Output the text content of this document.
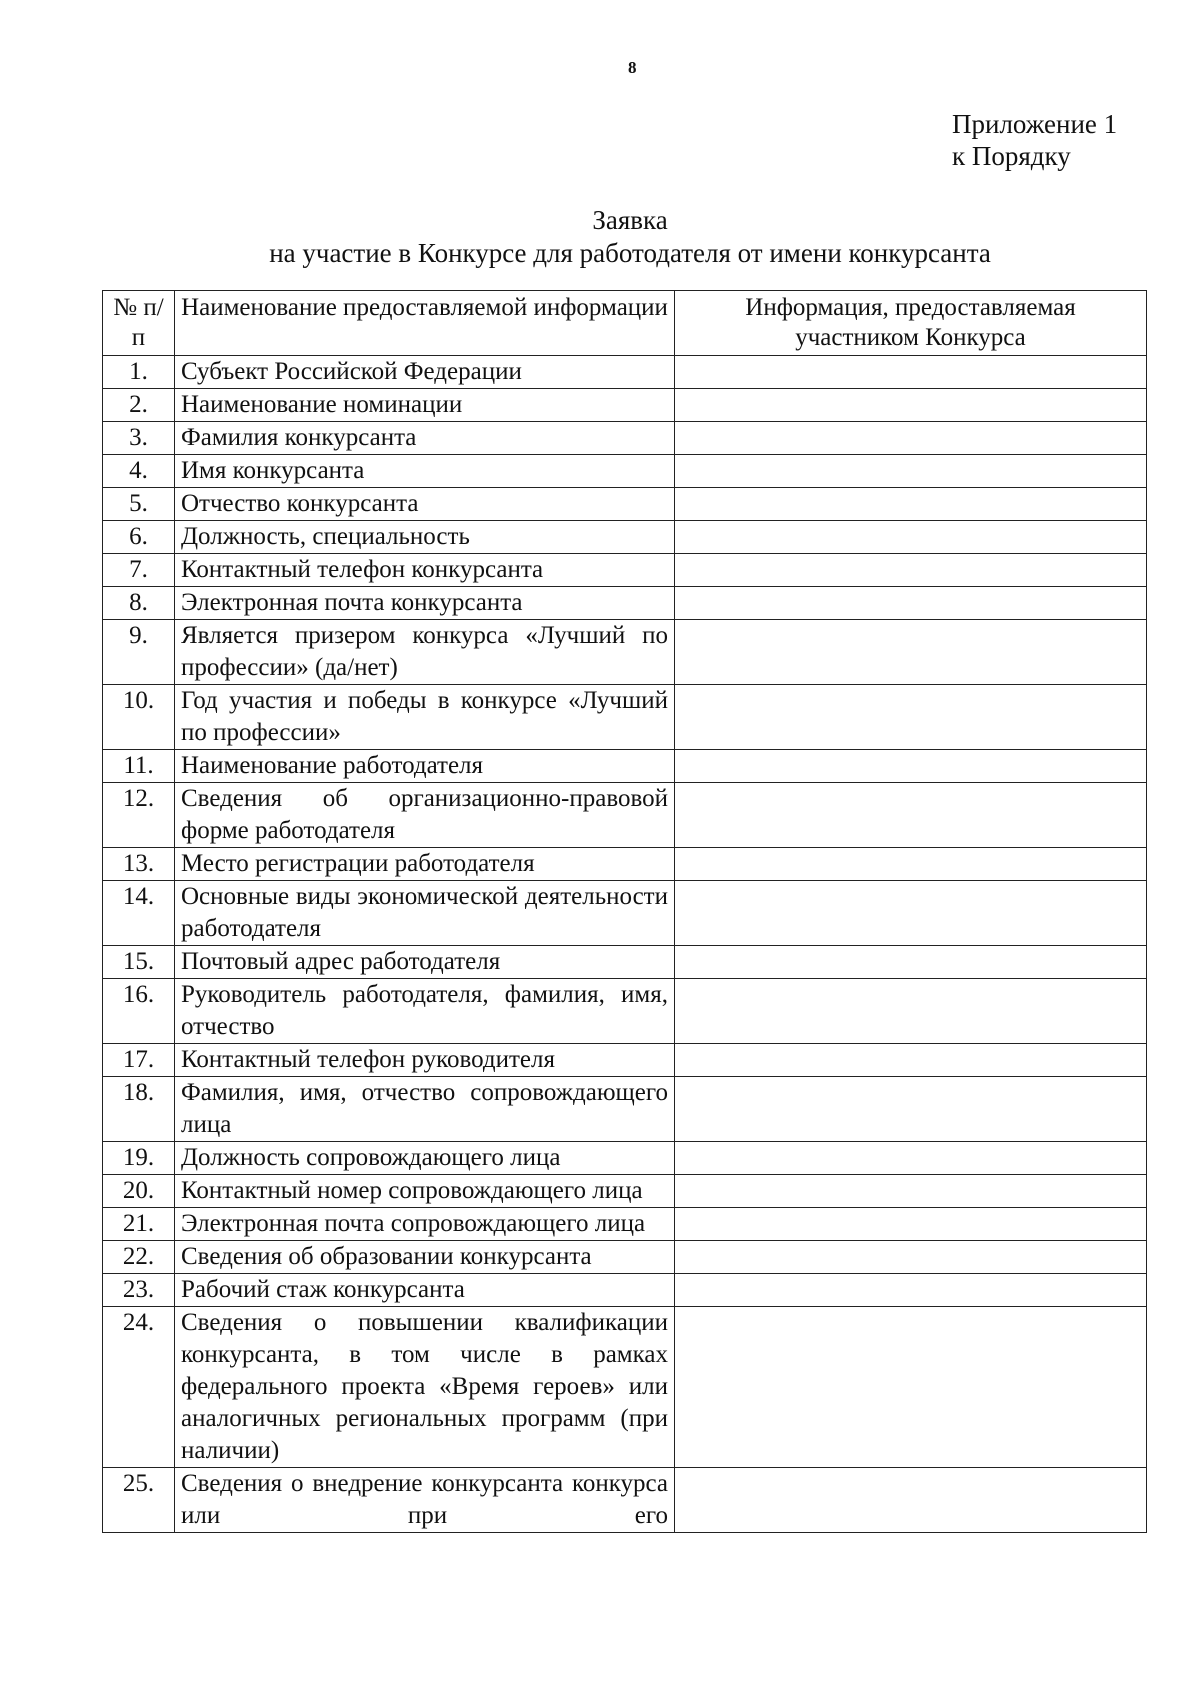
8
Приложение 1
к Порядку
Заявка
на участие в Конкурсе для работодателя от имени конкурсанта
№ п/п	Наименование предоставляемой информации	Информация, предоставляемая участником Конкурса
1.	Субъект Российской Федерации	
2.	Наименование номинации	
3.	Фамилия конкурсанта	
4.	Имя конкурсанта	
5.	Отчество конкурсанта	
6.	Должность, специальность	
7.	Контактный телефон конкурсанта	
8.	Электронная почта конкурсанта	
9.	Является призером конкурса «Лучший по профессии» (да/нет)	
10.	Год участия и победы в конкурсе «Лучший по профессии»	
11.	Наименование работодателя	
12.	Сведения об организационно-правовой форме работодателя	
13.	Место регистрации работодателя	
14.	Основные виды экономической деятельности работодателя	
15.	Почтовый адрес работодателя	
16.	Руководитель работодателя, фамилия, имя, отчество	
17.	Контактный телефон руководителя	
18.	Фамилия, имя, отчество сопровождающего лица	
19.	Должность сопровождающего лица	
20.	Контактный номер сопровождающего лица	
21.	Электронная почта сопровождающего лица	
22.	Сведения об образовании конкурсанта	
23.	Рабочий стаж конкурсанта	
24.	Сведения о повышении квалификации конкурсанта, в том числе в рамках федерального проекта «Время героев» или аналогичных региональных программ (при наличии)	
25.	Сведения о внедрение конкурсанта конкурса или при его	
